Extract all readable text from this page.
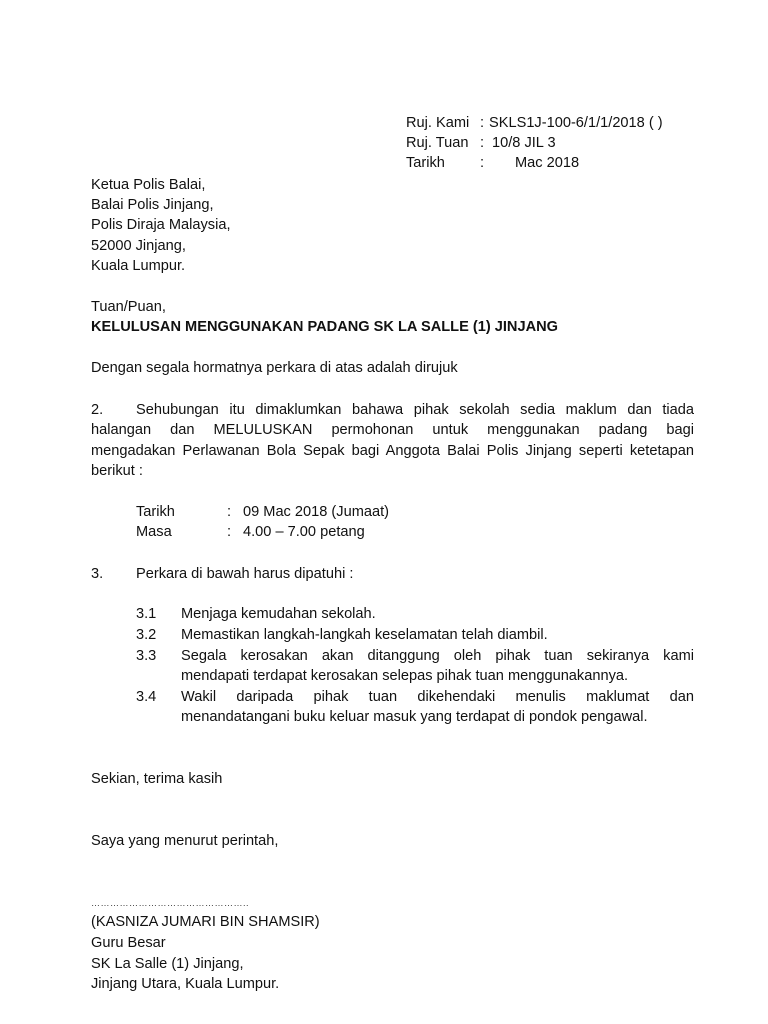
Ruj. Kami : SKLS1J-100-6/1/1/2018 ( )
Ruj. Tuan : 10/8 JIL 3
Tarikh	: Mac 2018
Ketua Polis Balai,
Balai Polis Jinjang,
Polis Diraja Malaysia,
52000 Jinjang,
Kuala Lumpur.
Tuan/Puan,
KELULUSAN MENGGUNAKAN PADANG SK LA SALLE (1) JINJANG
Dengan segala hormatnya perkara di atas adalah dirujuk
2. Sehubungan itu dimaklumkan bahawa pihak sekolah sedia maklum dan tiada
halangan dan MELULUSKAN permohonan untuk menggunakan padang bagi
mengadakan Perlawanan Bola Sepak bagi Anggota Balai Polis Jinjang seperti ketetapan
berikut :
Tarikh	: 09 Mac 2018 (Jumaat)
Masa	: 4.00 – 7.00 petang
3. Perkara di bawah harus dipatuhi :
3.1 Menjaga kemudahan sekolah.
3.2 Memastikan langkah-langkah keselamatan telah diambil.
3.3 Segala kerosakan akan ditanggung oleh pihak tuan sekiranya kami
mendapati terdapat kerosakan selepas pihak tuan menggunakannya.
3.4 Wakil daripada pihak tuan dikehendaki menulis maklumat dan
menandatangani buku keluar masuk yang terdapat di pondok pengawal.
Sekian, terima kasih
Saya yang menurut perintah,
…………………………………………..
(KASNIZA JUMARI BIN SHAMSIR)
Guru Besar
SK La Salle (1) Jinjang,
Jinjang Utara, Kuala Lumpur.
